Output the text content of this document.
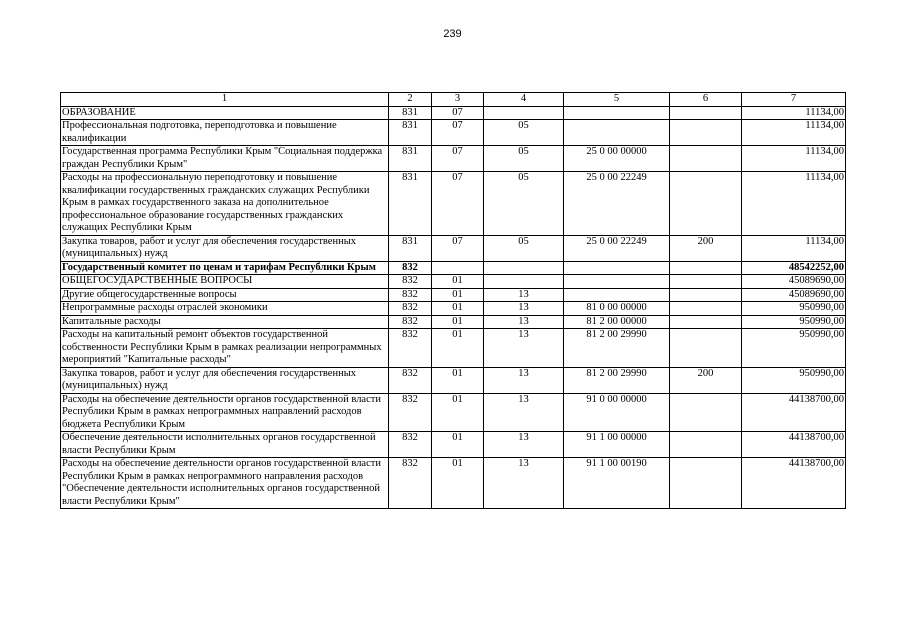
239
1	2	3	4	5	6	7
ОБРАЗОВАНИЕ	831	07				11134,00
Профессиональная подготовка, переподготовка и повышение квалификации	831	07	05			11134,00
Государственная программа Республики Крым "Социальная поддержка граждан Республики Крым"	831	07	05	25 0 00 00000		11134,00
Расходы на профессиональную переподготовку и повышение квалификации государственных гражданских служащих Республики Крым в рамках государственного заказа на дополнительное профессиональное образование государственных гражданских служащих Республики Крым	831	07	05	25 0 00 22249		11134,00
Закупка товаров, работ и услуг для обеспечения государственных (муниципальных) нужд	831	07	05	25 0 00 22249	200	11134,00
Государственный комитет по ценам и тарифам Республики Крым	832					48542252,00
ОБЩЕГОСУДАРСТВЕННЫЕ ВОПРОСЫ	832	01				45089690,00
Другие общегосударственные вопросы	832	01	13			45089690,00
Непрограммные расходы отраслей экономики	832	01	13	81 0 00 00000		950990,00
Капитальные расходы	832	01	13	81 2 00 00000		950990,00
Расходы на капитальный ремонт объектов государственной собственности Республики Крым в рамках реализации непрограммных мероприятий "Капитальные расходы"	832	01	13	81 2 00 29990		950990,00
Закупка товаров, работ и услуг для обеспечения государственных (муниципальных) нужд	832	01	13	81 2 00 29990	200	950990,00
Расходы на обеспечение деятельности органов государственной власти Республики Крым в рамках непрограммных направлений расходов бюджета Республики Крым	832	01	13	91 0 00 00000		44138700,00
Обеспечение деятельности исполнительных органов государственной власти Республики Крым	832	01	13	91 1 00 00000		44138700,00
Расходы на обеспечение деятельности органов государственной власти Республики Крым в рамках непрограммного направления расходов "Обеспечение деятельности исполнительных органов государственной власти Республики Крым"	832	01	13	91 1 00 00190		44138700,00
